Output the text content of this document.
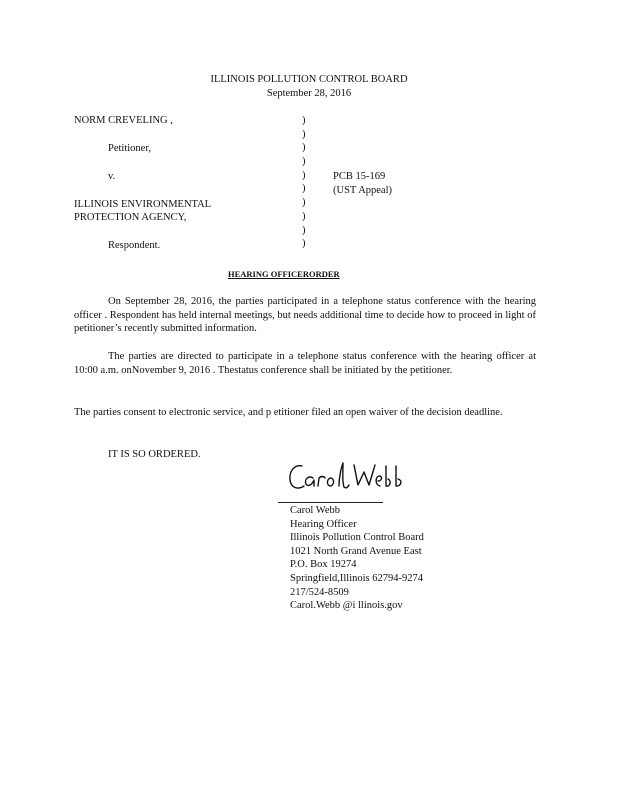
ILLINOIS POLLUTION CONTROL BOARD
September 28, 2016
NORM CREVELING ,
Petitioner,
v.
ILLINOIS ENVIRONMENTAL
PROTECTION AGENCY,
Respondent.
)
)
)
)
)
)
)
)
)
)
PCB 15-169
(UST Appeal)
HEARING OFFICERORDER
On September 28, 2016, the parties participated in a telephone status conference with the hearing officer . Respondent has held internal meetings, but needs additional time to decide how to proceed in light of petitioner’s recently submitted information.
The parties are directed to participate in a telephone status conference with the hearing officer at 10:00 a.m. onNovember 9, 2016 . Thestatus conference shall be initiated by the petitioner.
The parties consent to electronic service, and p etitioner filed an open waiver of the decision deadline.
IT IS SO ORDERED.
Carol Webb
Hearing Officer
Illinois Pollution Control Board
1021 North Grand Avenue East
P.O. Box 19274
Springfield,Illinois 62794-9274
217/524-8509
Carol.Webb @i llinois.gov
